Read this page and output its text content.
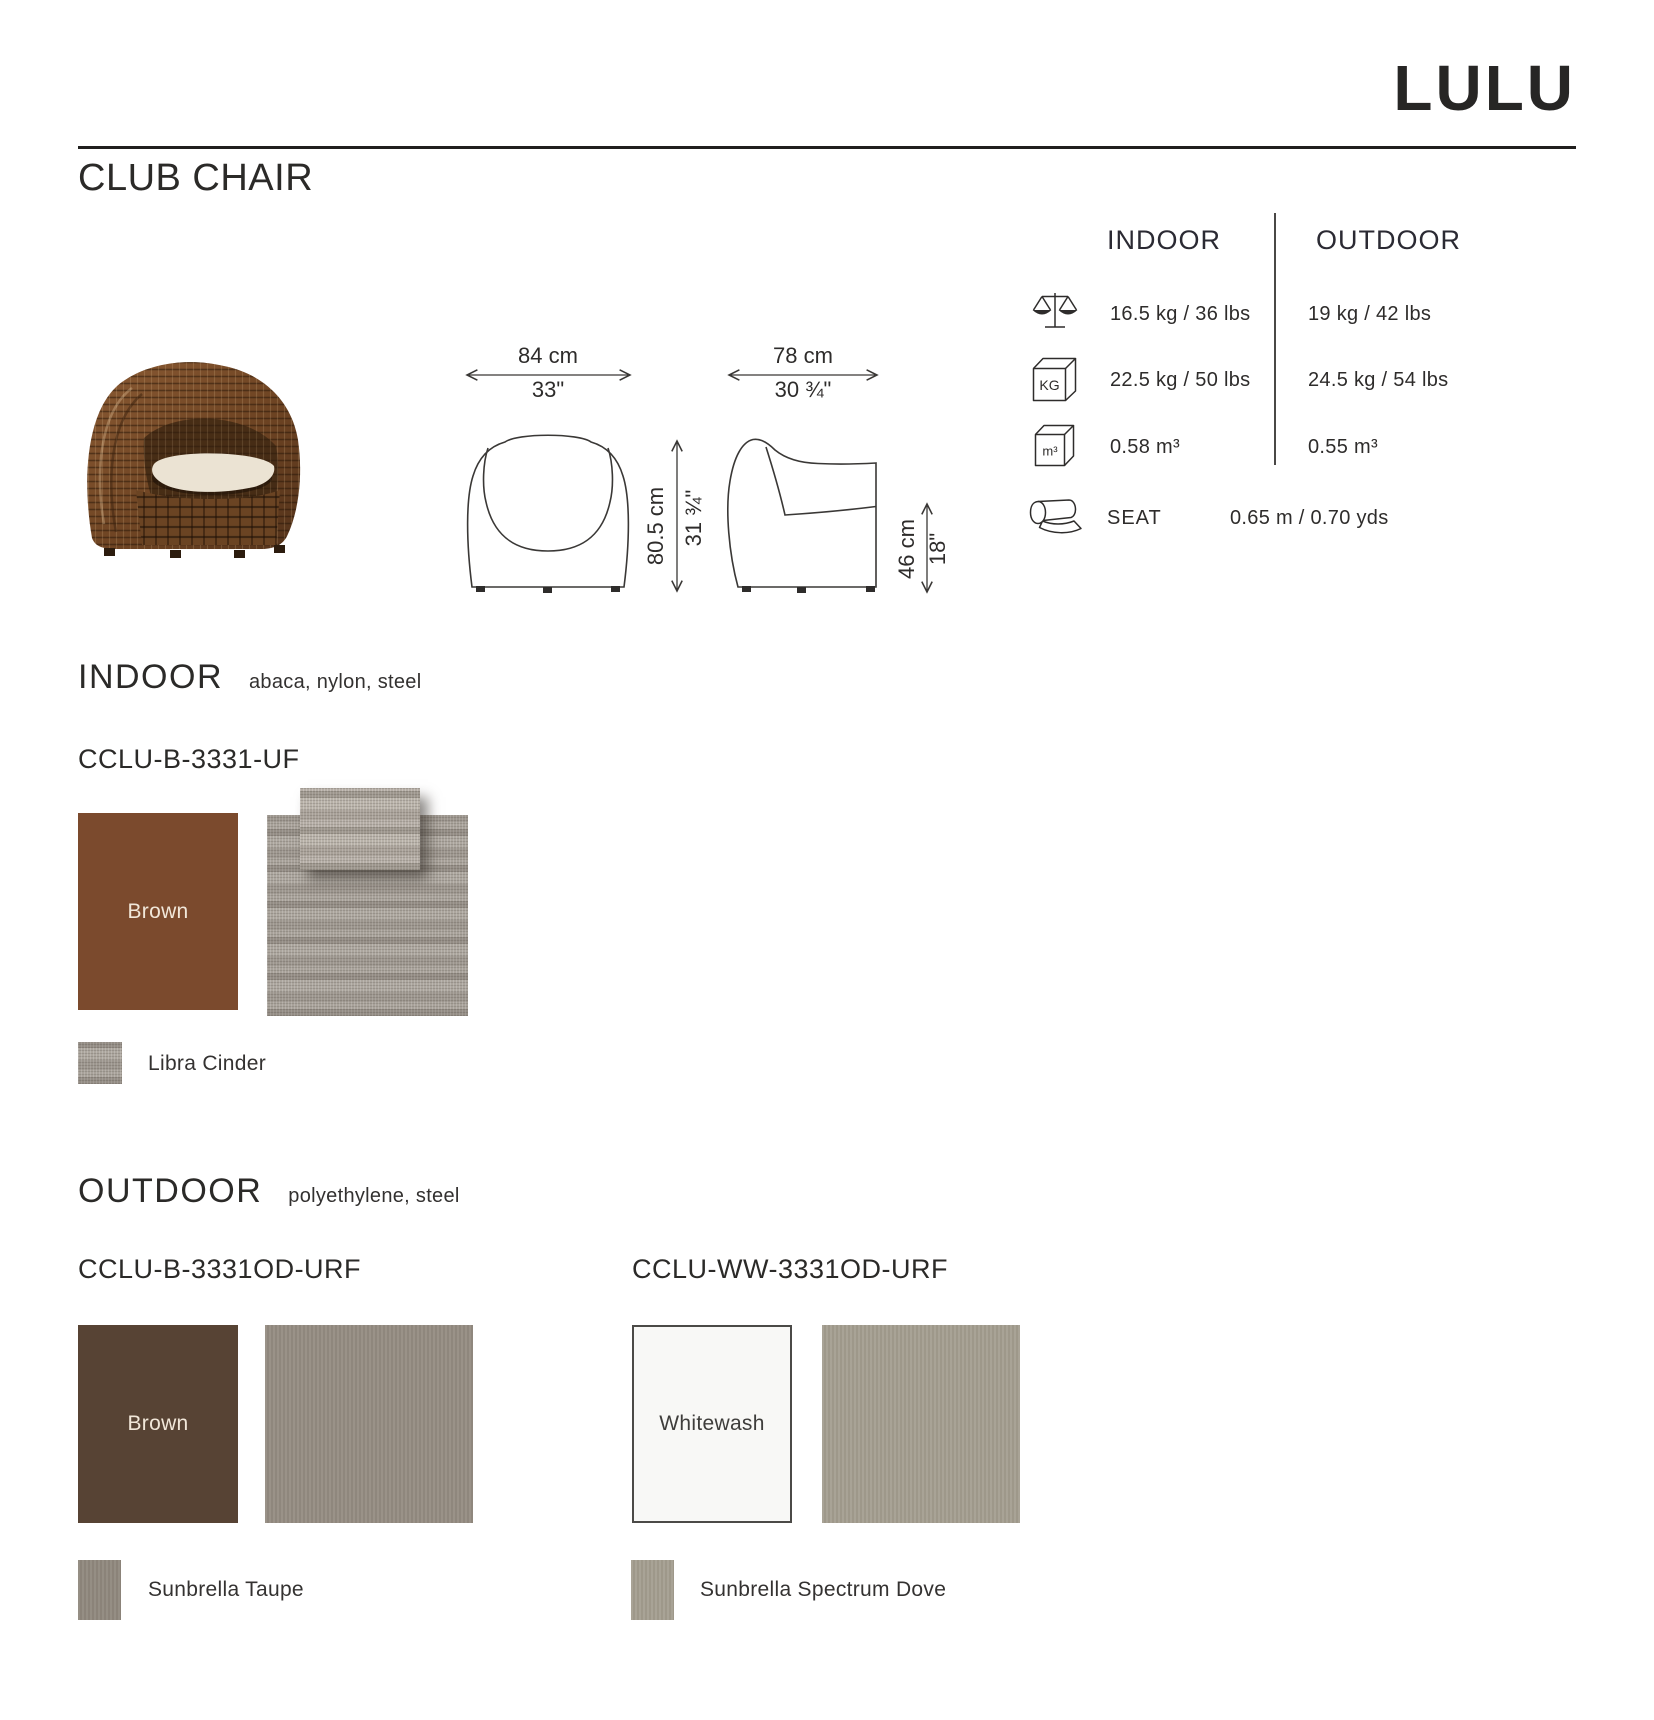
LULU
CLUB CHAIR
84 cm
33"
78 cm
30 ¾"
80.5 cm 31 ¾"
46 cm 18"
INDOOR	OUTDOOR
16.5 kg / 36 lbs	19 kg / 42 lbs
KG	22.5 kg / 50 lbs	24.5 kg / 54 lbs
m³	0.58 m³	0.55 m³
SEAT	0.65 m / 0.70 yds
INDOOR abaca, nylon, steel
CCLU-B-3331-UF
Brown
Libra Cinder
OUTDOOR polyethylene, steel
CCLU-B-3331OD-URF	CCLU-WW-3331OD-URF
Brown	Whitewash
Sunbrella Taupe	Sunbrella Spectrum Dove
